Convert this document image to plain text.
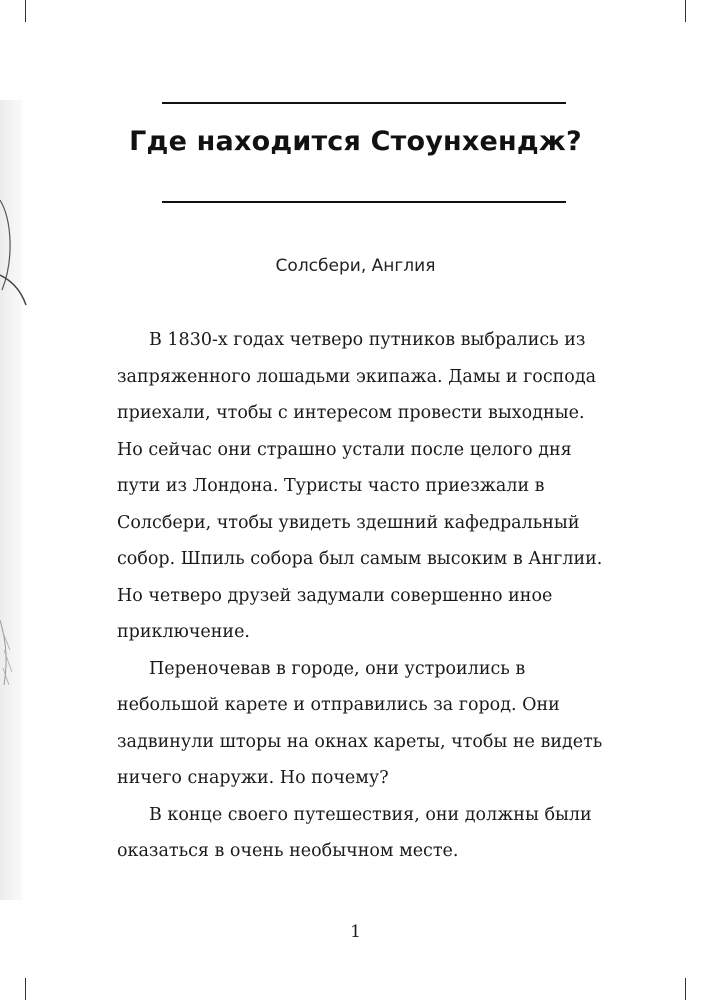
Где находится Стоунхендж?
Солсбери, Англия

В 1830-х годах четверо путников выбрались из запряженного лошадьми экипажа. Дамы и господа приехали, чтобы с интересом провести выходные. Но сейчас они страшно устали после целого дня пути из Лондона. Туристы часто приезжали в Солсбери, чтобы увидеть здешний кафедральный собор. Шпиль собора был самым высоким в Англии. Но четверо друзей задумали совершенно иное приключение.

Переночевав в городе, они устроились в небольшой карете и отправились за город. Они задвинули шторы на окнах кареты, чтобы не видеть ничего снаружи. Но почему?

В конце своего путешествия, они должны были оказаться в очень необычном месте.

1
